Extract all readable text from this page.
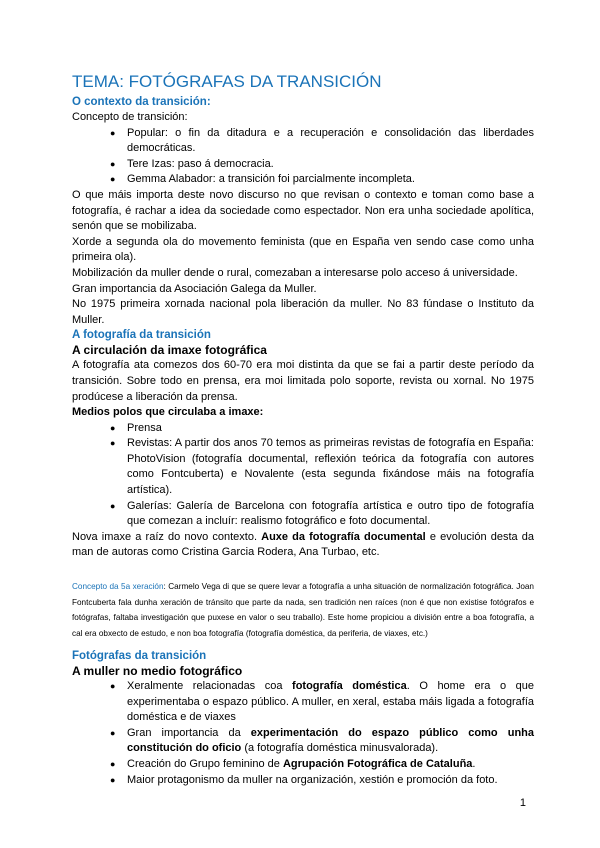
TEMA: FOTÓGRAFAS DA TRANSICIÓN
O contexto da transición:

Concepto de transición:

● Popular: o fin da ditadura e a recuperación e consolidación das liberdades democráticas.
● Tere Izas: paso á democracia.
● Gemma Alabador: a transición foi parcialmente incompleta.

O que máis importa deste novo discurso no que revisan o contexto e toman como base a fotografía, é rachar a idea da sociedade como espectador. Non era unha sociedade apolítica, senón que se mobilizaba.

Xorde a segunda ola do movemento feminista (que en España ven sendo case como unha primeira ola).

Mobilización da muller dende o rural, comezaban a interesarse polo acceso á universidade.

Gran importancia da Asociación Galega da Muller.

No 1975 primeira xornada nacional pola liberación da muller. No 83 fúndase o Instituto da Muller.

A fotografía da transición
A circulación da imaxe fotográfica

A fotografía ata comezos dos 60-70 era moi distinta da que se fai a partir deste período da transición. Sobre todo en prensa, era moi limitada polo soporte, revista ou xornal. No 1975 prodúcese a liberación da prensa.

Medios polos que circulaba a imaxe:

● Prensa
● Revistas: A partir dos anos 70 temos as primeiras revistas de fotografía en España: PhotoVision (fotografía documental, reflexión teórica da fotografía con autores como Fontcuberta) e Novalente (esta segunda fixándose máis na fotografía artística).
● Galerías: Galería de Barcelona con fotografía artística e outro tipo de fotografía que comezan a incluír: realismo fotográfico e foto documental.

Nova imaxe a raíz do novo contexto. Auxe da fotografía documental e evolución desta da man de autoras como Cristina Garcia Rodera, Ana Turbao, etc.

Concepto da 5a xeración: Carmelo Vega di que se quere levar a fotografía a unha situación de normalización fotográfica. Joan Fontcuberta fala dunha xeración de tránsito que parte da nada, sen tradición nen raíces (non é que non existise fotógrafos e fotógrafas, faltaba investigación que puxese en valor o seu traballo). Este home propiciou a división entre a boa fotografía, a cal era obxecto de estudo, e non boa fotografía (fotografía doméstica, da periferia, de viaxes, etc.)

Fotógrafas da transición
A muller no medio fotográfico
● Xeralmente relacionadas coa fotografía doméstica. O home era o que experimentaba o espazo público. A muller, en xeral, estaba máis ligada a fotografía doméstica e de viaxes
● Gran importancia da experimentación do espazo público como unha constitución do oficio (a fotografía doméstica minusvalorada).
● Creación do Grupo feminino de Agrupación Fotográfica de Cataluña.
● Maior protagonismo da muller na organización, xestión e promoción da foto.
1
